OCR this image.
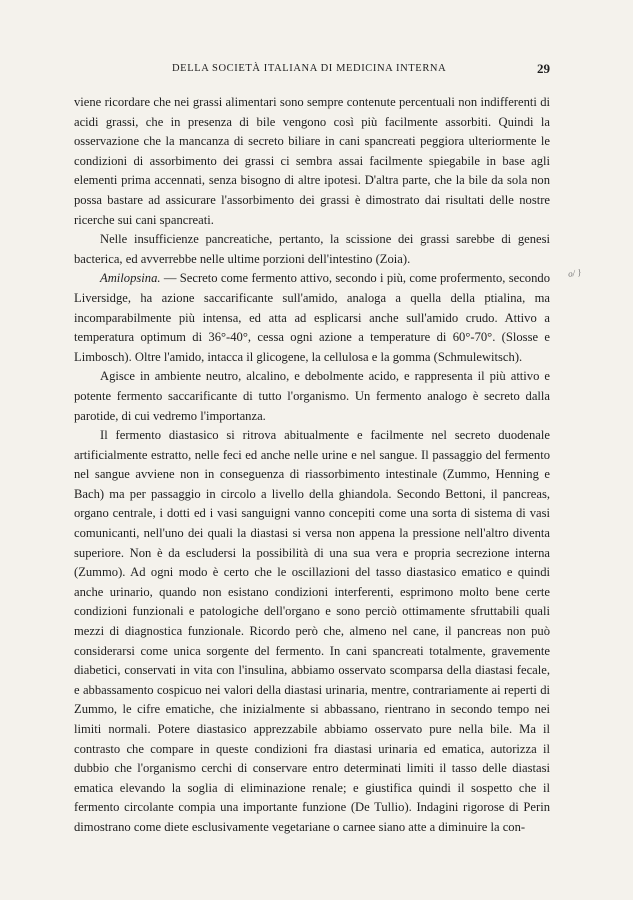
DELLA SOCIETÀ ITALIANA DI MEDICINA INTERNA	29
o/ }

viene ricordare che nei grassi alimentari sono sempre contenute percentuali non indifferenti di acidi grassi, che in presenza di bile vengono così più facilmente assorbiti. Quindi la osservazione che la mancanza di secreto biliare in cani spancreati peggiora ulteriormente le condizioni di assorbimento dei grassi ci sembra assai facilmente spiegabile in base agli elementi prima accennati, senza bisogno di altre ipotesi. D'altra parte, che la bile da sola non possa bastare ad assicurare l'assorbimento dei grassi è dimostrato dai risultati delle nostre ricerche sui cani spancreati.

Nelle insufficienze pancreatiche, pertanto, la scissione dei grassi sarebbe di genesi bacterica, ed avverrebbe nelle ultime porzioni dell'intestino (Zoia).

Amilopsina. — Secreto come fermento attivo, secondo i più, come profermento, secondo Liversidge, ha azione saccarificante sull'amido, analoga a quella della ptialina, ma incomparabilmente più intensa, ed atta ad esplicarsi anche sull'amido crudo. Attivo a temperatura optimum di 36°-40°, cessa ogni azione a temperature di 60°-70°. (Slosse e Limbosch). Oltre l'amido, intacca il glicogene, la cellulosa e la gomma (Schmulewitsch).

Agisce in ambiente neutro, alcalino, e debolmente acido, e rappresenta il più attivo e potente fermento saccarificante di tutto l'organismo. Un fermento analogo è secreto dalla parotide, di cui vedremo l'importanza.

Il fermento diastasico si ritrova abitualmente e facilmente nel secreto duodenale artificialmente estratto, nelle feci ed anche nelle urine e nel sangue. Il passaggio del fermento nel sangue avviene non in conseguenza di riassorbimento intestinale (Zummo, Henning e Bach) ma per passaggio in circolo a livello della ghiandola. Secondo Bettoni, il pancreas, organo centrale, i dotti ed i vasi sanguigni vanno concepiti come una sorta di sistema di vasi comunicanti, nell'uno dei quali la diastasi si versa non appena la pressione nell'altro diventa superiore. Non è da escludersi la possibilità di una sua vera e propria secrezione interna (Zummo). Ad ogni modo è certo che le oscillazioni del tasso diastasico ematico e quindi anche urinario, quando non esistano condizioni interferenti, esprimono molto bene certe condizioni funzionali e patologiche dell'organo e sono perciò ottimamente sfruttabili quali mezzi di diagnostica funzionale. Ricordo però che, almeno nel cane, il pancreas non può considerarsi come unica sorgente del fermento. In cani spancreati totalmente, gravemente diabetici, conservati in vita con l'insulina, abbiamo osservato scomparsa della diastasi fecale, e abbassamento cospicuo nei valori della diastasi urinaria, mentre, contrariamente ai reperti di Zummo, le cifre ematiche, che inizialmente si abbassano, rientrano in secondo tempo nei limiti normali. Potere diastasico apprezzabile abbiamo osservato pure nella bile. Ma il contrasto che compare in queste condizioni fra diastasi urinaria ed ematica, autorizza il dubbio che l'organismo cerchi di conservare entro determinati limiti il tasso delle diastasi ematica elevando la soglia di eliminazione renale; e giustifica quindi il sospetto che il fermento circolante compia una importante funzione (De Tullio). Indagini rigorose di Perin dimostrano come diete esclusivamente vegetariane o carnee siano atte a diminuire la con-
